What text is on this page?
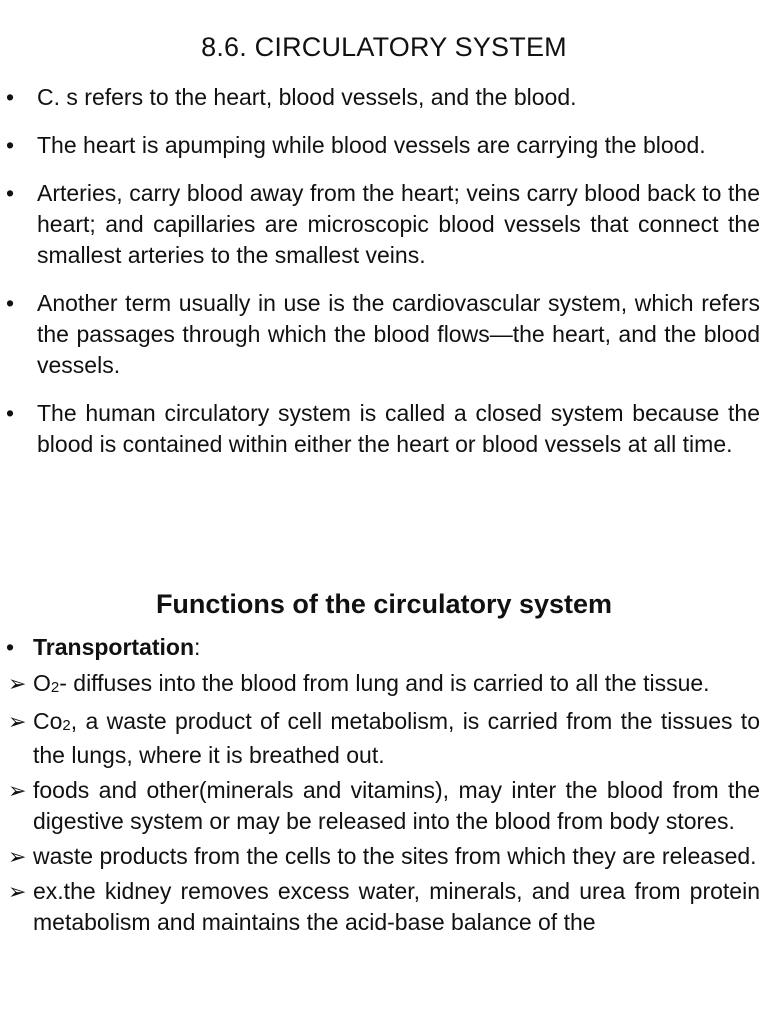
8.6. CIRCULATORY SYSTEM
• C. s refers to the heart, blood vessels, and the blood.
• The heart is apumping while blood vessels are carrying the blood.
• Arteries, carry blood away from the heart; veins carry blood back to the heart; and capillaries are microscopic blood vessels that connect the smallest arteries to the smallest veins.
• Another term usually in use is the cardiovascular system, which refers the passages through which the blood flows—the heart, and the blood vessels.
• The human circulatory system is called a closed system because the blood is contained within either the heart or blood vessels at all time.
Functions of the circulatory system
• Transportation:
➢ $O_2-$ diffuses into the blood from lung and is carried to all the tissue.
➢ $Co_2$, a waste product of cell metabolism, is carried from the tissues to the lungs, where it is breathed out.
➢ foods and other(minerals and vitamins), may inter the blood from the digestive system or may be released into the blood from body stores.
➢ waste products from the cells to the sites from which they are released.
➢ ex.the kidney removes excess water, minerals, and urea from protein metabolism and maintains the acid-base balance of the
